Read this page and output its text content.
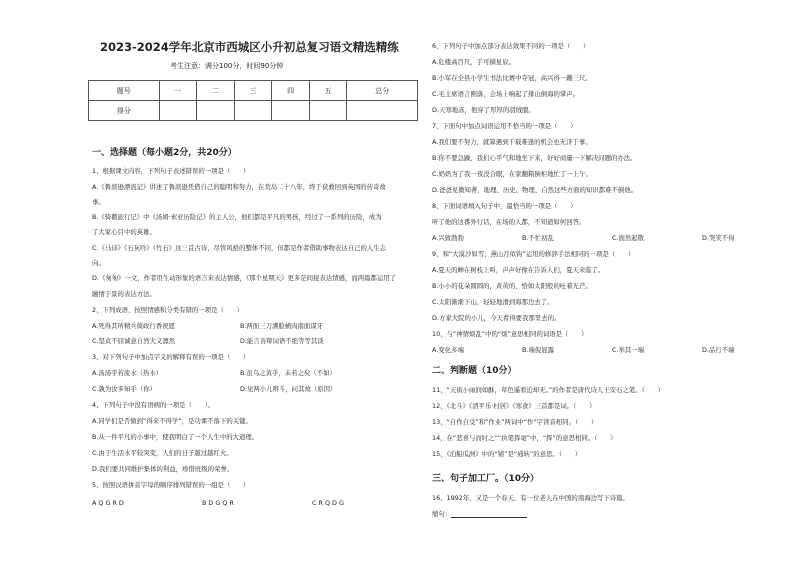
2023-2024学年北京市西城区小升初总复习语文精选精练
考生注意：满分100分，时间90分钟
题号	一	二	三	四	五	总分
得分						
一、选择题（每小题2分，共20分）
1、根据课文内容，下列句子表述错误的一项是（　　）
A.《鲁滨逊漂流记》讲述了鲁滨逊凭借自己的聪明和努力，在荒岛二十八年，终于获救回到英国的传奇故
事。
B.《骑鹅旅行记》中《汤姆·索亚历险记》的主人公，他们都是平凡的男孩，经过了一系列的历险，成为
了大家心目中的英雄。
C.《马诗》《石灰吟》《竹石》这三首古诗，尽管风格的整体不同，但都是作者借助事物表达自己的人生志
向。
D.《匆匆》一文，作者用生动形象的语言来表达情感，《那个星期天》更多是间接表达情感，而两篇都运用了
融情于景的表达方法。
2、下列成语，按照情感积分类有错的一项是（　　）
A.死得其所精兵简政行香祝愿	B.两面三刀满脸横肉南面谋牙
C.坚贞不屈诚意自然大义凛然	D.能言善辩词语不绝等等其谈
3、对下列句子中加点字义的解释有误的一项是（　　）
A.汤汤乎若流水（热水）	B.虽乌之黄乎，未若之矣（不如）
C.孰为汝多知乎（你）	D.见两小儿辩斗，问其故（原因）
4、下列句子中没有语病的一项是（　　）。
A.同学们是否做到“得来不得学”，是功课不落下的关键。
B.从一件平凡的小事中，使我明白了一个人生中的大道理。
C.由于生活水平较突变，人们的日子越过越红火。
D.我们要共同维护集体的利益，珍惜班级的荣誉。
5、按照汉语拼音字母的顺序排列错误的一组是（　　）
A Q G R D	B D G Q R	C R Q D G
6、下列句子中加点部分表达效果不同的一项是（　　）
A.危楼高百尺，手可摘星辰。
B.小军在全县小学生书法比赛中夺冠，高兴得一蹦三尺。
C.毛主席语言刚落，会场上响起了排山倒海的掌声。
D.天寒地冻，他穿了厚厚的羽绒服。
7、下面句中加点词语运用不恰当的一项是（　　）
A.我们要不努力，就算遇到千载难逢的机会也无济于事。
B.你不要急躁，我们心平气和地坐下来，好好商量一下解决问题的办法。
C.奶奶为了我一夜没合眼，在家翻箱倒柜地忙了一上午。
D.爸爸见微知著，地理、历史、物理、自然这些方面的知识都难不倒他。
8、下面词语填入句子中，最恰当的一项是（　　）
听了他的这番外行话，在场的人都，不知道如何回答。
A.兴致勃勃	B.不忙初乱	C.面然起敬	D.哭笑不得
9、和“大漠沙如雪，燕山月似钩”运用的修辞手法相同的一项是（　　）
A.夏天的蝉在树枝上叫，声声好像在告诉人们，夏天来临了。
B.小小的花朵圆圆的，黄黄的，恰如太阳般的吐着光芒。
C.太阳渐渐下山，轻轻地滑到海那边去了。
D.方家大院的小儿，今天看得要我那里去的。
10、与“神情烦乱”中的“烦”意思相同的词语是（　　）
A.变化多端	B.端倪显露	C.举其一端	D.品行不端
二、判断题（10分）
11、“天街小雨润如酥，草色遥看近却无。”的作者是唐代诗人王安石之笔。（　　）
12、《北斗》《清平乐·村居》《寒食》三首都是词。（　　）
13、“自作自受”和“作业”两词中“作”字读音相同。（　　）
14、在“悲喜与而时之”“执笔挥毫”中，“挥”的意思相同。（　　）
15、《泊船瓜洲》中的“铺”是“通转”的意思。（　　）
三、句子加工厂。（10分）
16、1992年，又是一个春天，有一位老人在中国的南海边写下诗篇。
缩句：
